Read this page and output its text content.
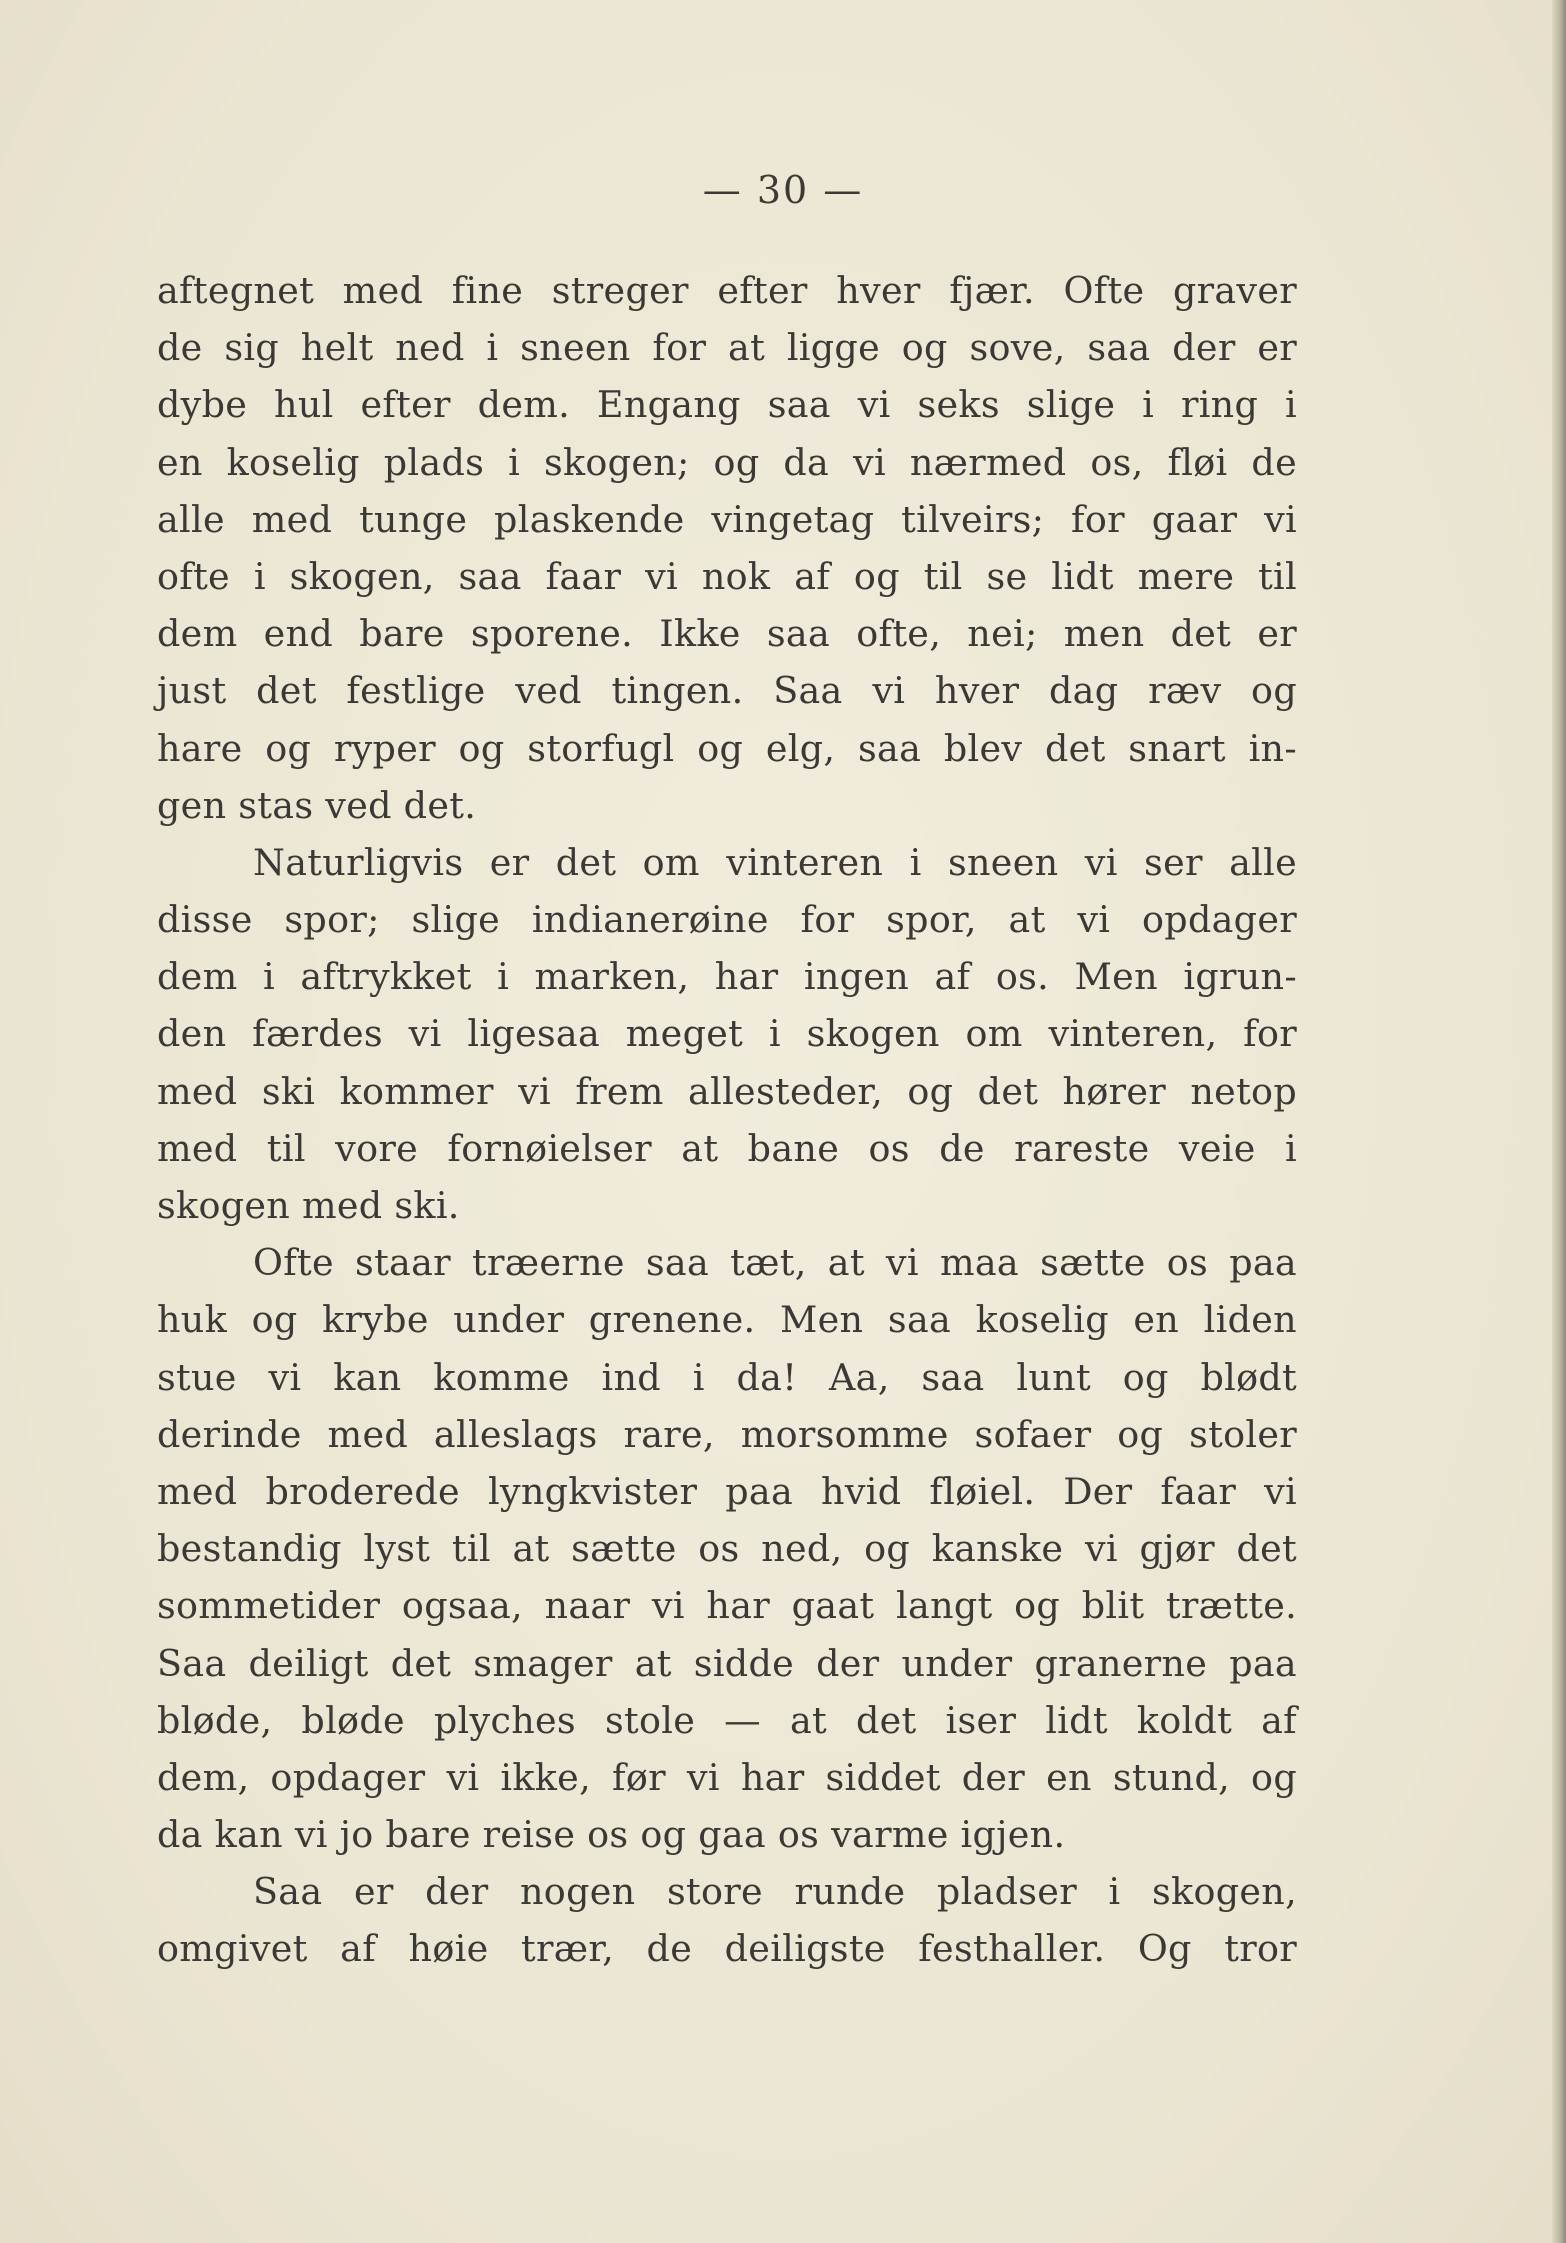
— 30 —
aftegnet med fine streger efter hver fjær. Ofte graver
de sig helt ned i sneen for at ligge og sove, saa der er
dybe hul efter dem. Engang saa vi seks slige i ring i
en koselig plads i skogen; og da vi nærmed os, fløi de
alle med tunge plaskende vingetag tilveirs; for gaar vi
ofte i skogen, saa faar vi nok af og til se lidt mere til
dem end bare sporene. Ikke saa ofte, nei; men det er
just det festlige ved tingen. Saa vi hver dag ræv og
hare og ryper og storfugl og elg, saa blev det snart in-
gen stas ved det.
Naturligvis er det om vinteren i sneen vi ser alle
disse spor; slige indianerøine for spor, at vi opdager
dem i aftrykket i marken, har ingen af os. Men igrun-
den færdes vi ligesaa meget i skogen om vinteren, for
med ski kommer vi frem allesteder, og det hører netop
med til vore fornøielser at bane os de rareste veie i
skogen med ski.
Ofte staar træerne saa tæt, at vi maa sætte os paa
huk og krybe under grenene. Men saa koselig en liden
stue vi kan komme ind i da! Aa, saa lunt og blødt
derinde med alleslags rare, morsomme sofaer og stoler
med broderede lyngkvister paa hvid fløiel. Der faar vi
bestandig lyst til at sætte os ned, og kanske vi gjør det
sommetider ogsaa, naar vi har gaat langt og blit trætte.
Saa deiligt det smager at sidde der under granerne paa
bløde, bløde plyches stole — at det iser lidt koldt af
dem, opdager vi ikke, før vi har siddet der en stund, og
da kan vi jo bare reise os og gaa os varme igjen.
Saa er der nogen store runde pladser i skogen,
omgivet af høie trær, de deiligste festhaller. Og tror
